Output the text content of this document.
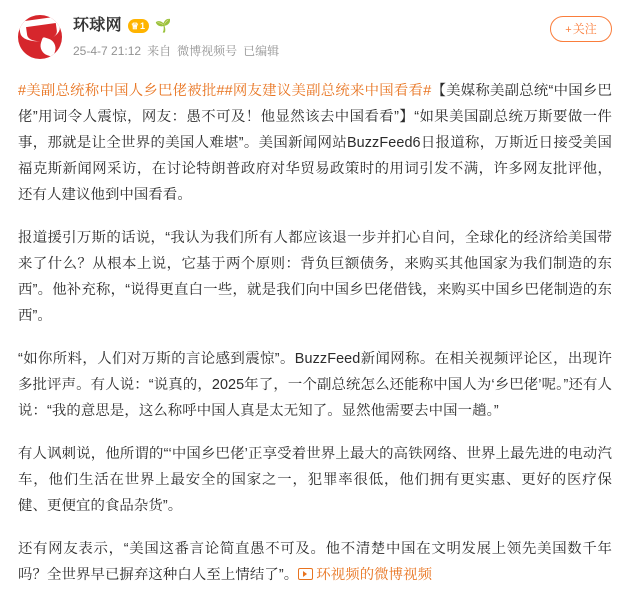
环球网 ♕ 1 🌱
25-4-7 21:12 来自 微博视频号 已编辑
+关注

#美副总统称中国人乡巴佬被批##网友建议美副总统来中国看看#【美媒称美副总统“中国乡巴佬”用词令人震惊，网友：愚不可及！他显然该去中国看看”】“如果美国副总统万斯要做一件事，那就是让全世界的美国人难堪”。美国新闻网站BuzzFeed6日报道称，万斯近日接受美国福克斯新闻网采访，在讨论特朗普政府对华贸易政策时的用词引发不满，许多网友批评他，还有人建议他到中国看看。

报道援引万斯的话说，“我认为我们所有人都应该退一步并扪心自问，全球化的经济给美国带来了什么？从根本上说，它基于两个原则：背负巨额债务，来购买其他国家为我们制造的东西”。他补充称，“说得更直白一些，就是我们向中国乡巴佬借钱，来购买中国乡巴佬制造的东西”。

“如你所料，人们对万斯的言论感到震惊”。BuzzFeed新闻网称。在相关视频评论区，出现许多批评声。有人说：“说真的，2025年了，一个副总统怎么还能称中国人为‘乡巴佬’呢。”还有人说：“我的意思是，这么称呼中国人真是太无知了。显然他需要去中国一趟。”

有人讽刺说，他所谓的“‘中国乡巴佬’正享受着世界上最大的高铁网络、世界上最先进的电动汽车，他们生活在世界上最安全的国家之一，犯罪率很低，他们拥有更实惠、更好的医疗保健、更便宜的食品杂货”。

还有网友表示，“美国这番言论简直愚不可及。他不清楚中国在文明发展上领先美国数千年吗？全世界早已摒弃这种白人至上情结了”。 环视频的微博视频
